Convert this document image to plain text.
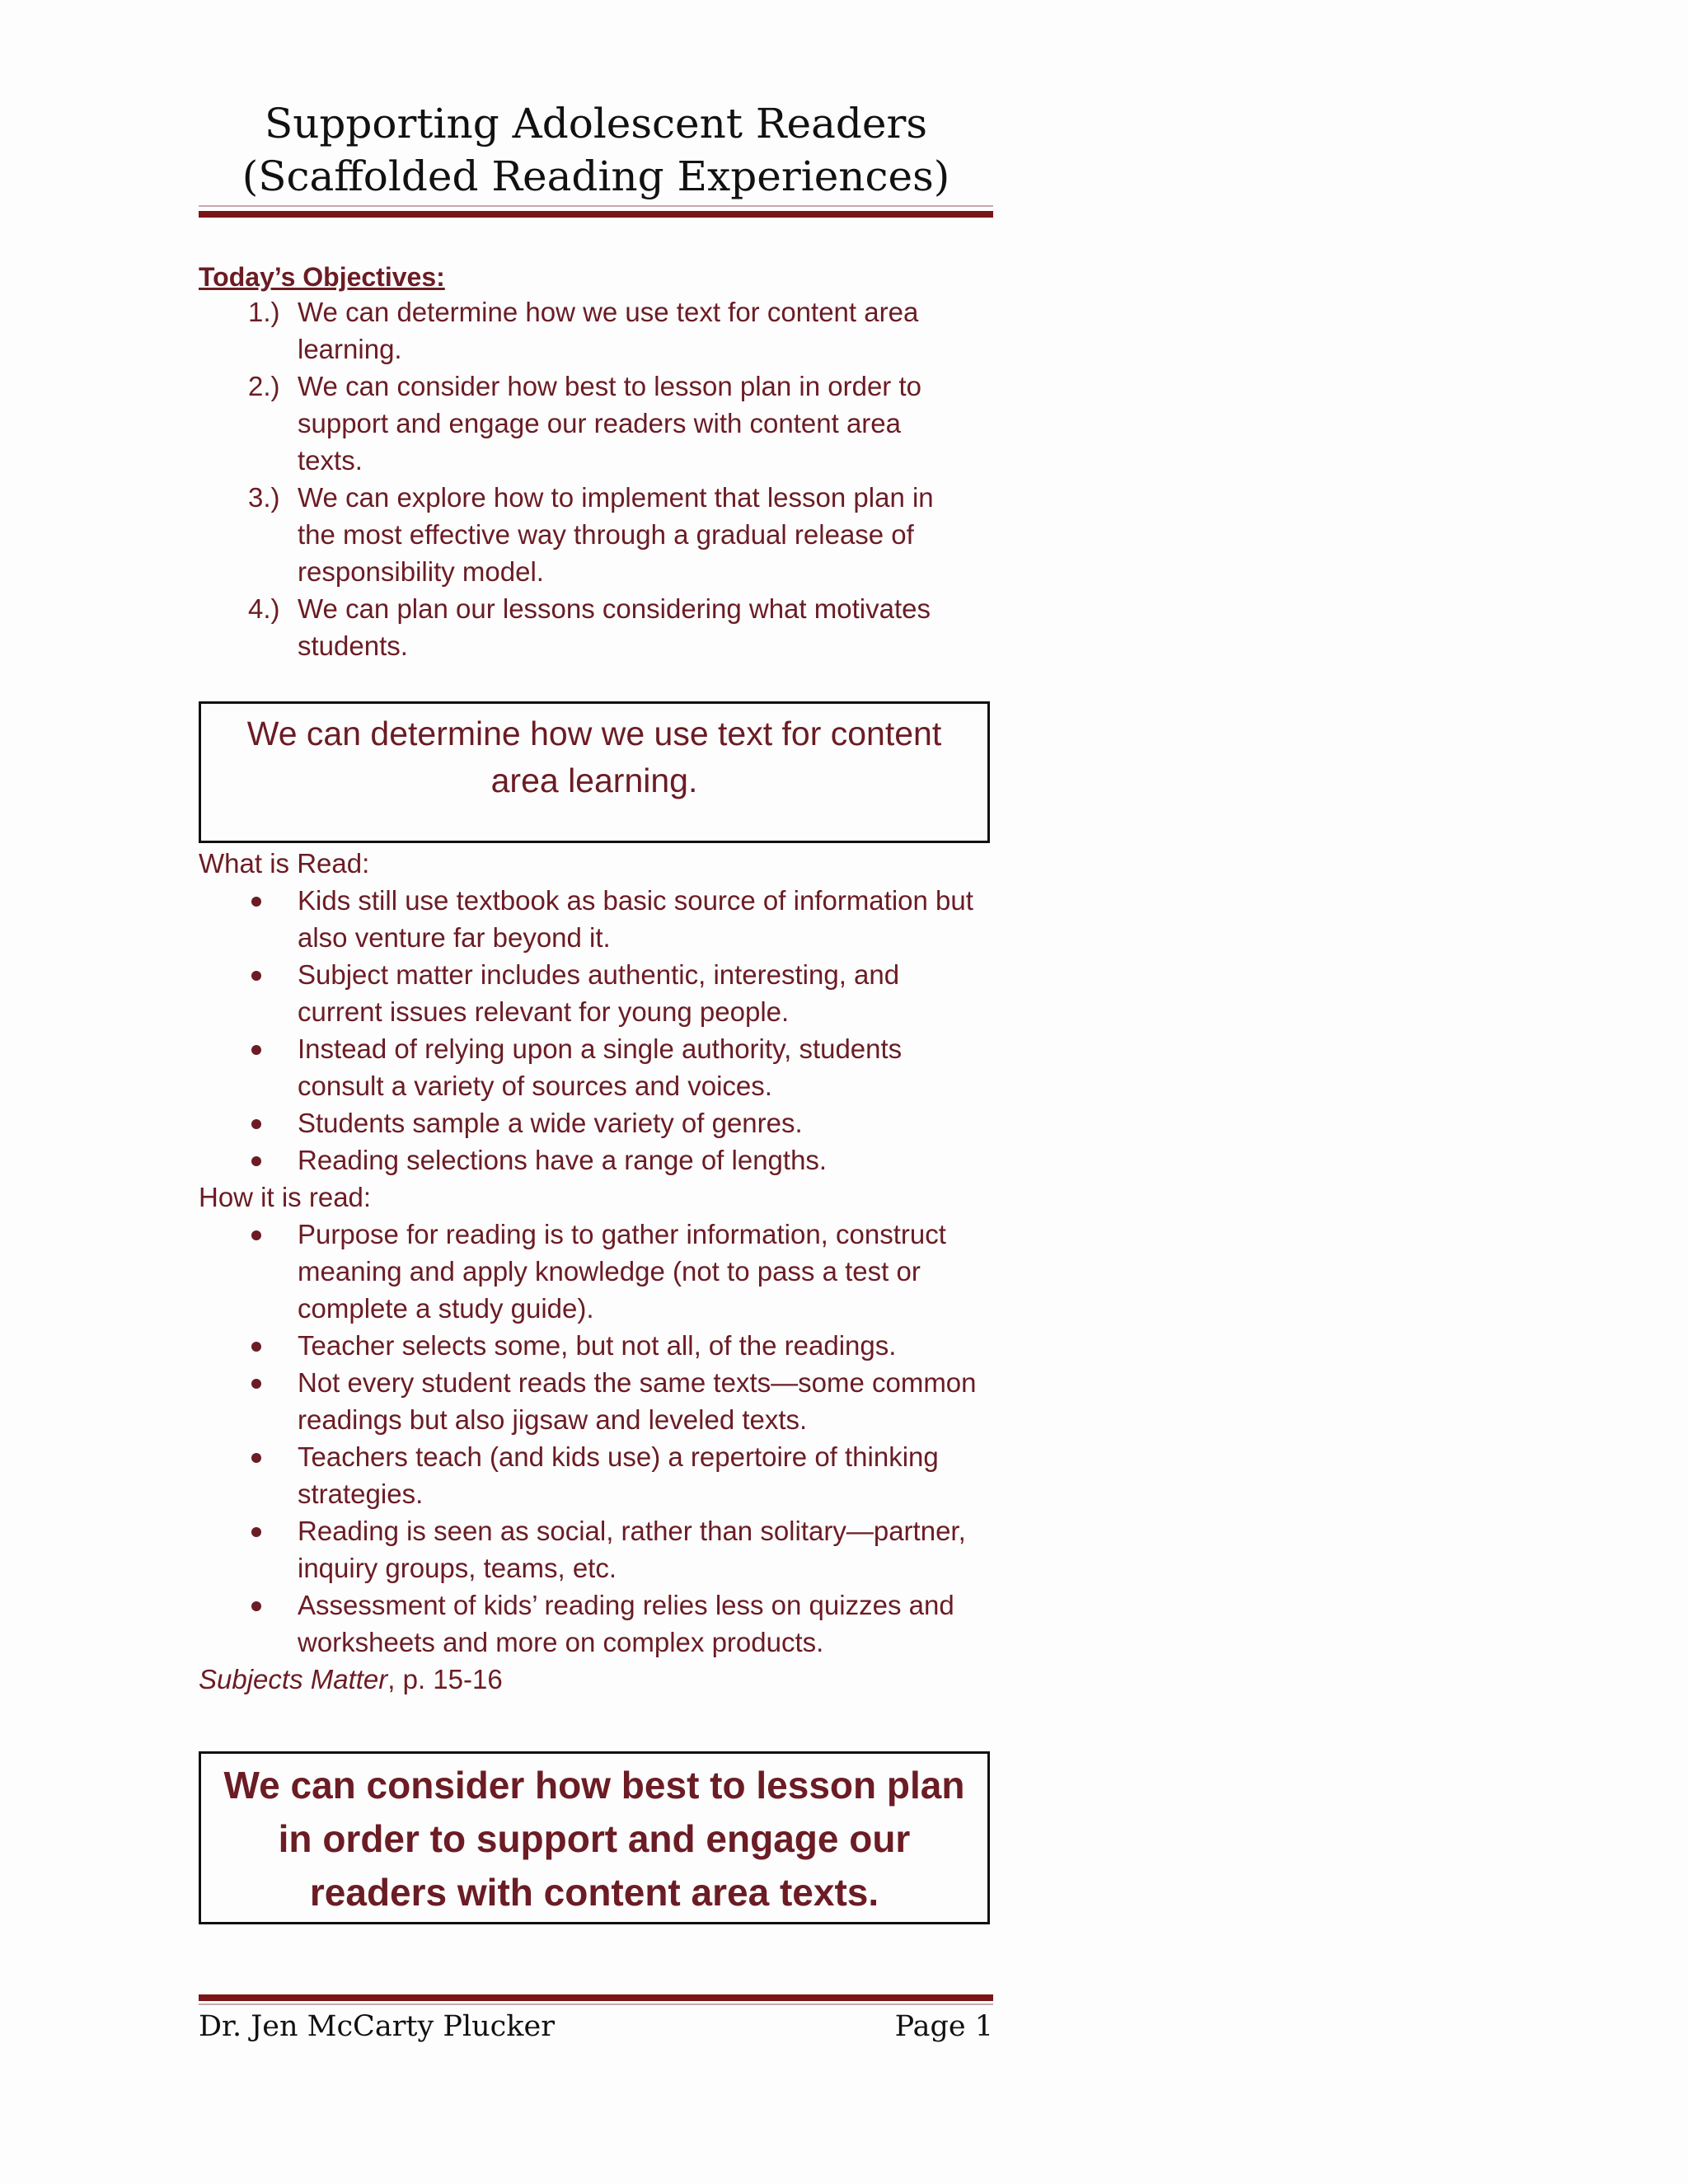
Supporting Adolescent Readers
(Scaffolded Reading Experiences)
Today’s Objectives:
1.) We can determine how we use text for content area learning.
2.) We can consider how best to lesson plan in order to support and engage our readers with content area texts.
3.) We can explore how to implement that lesson plan in the most effective way through a gradual release of responsibility model.
4.) We can plan our lessons considering what motivates students.
We can determine how we use text for content
area learning.
What is Read:
Kids still use textbook as basic source of information but also venture far beyond it.
Subject matter includes authentic, interesting, and current issues relevant for young people.
Instead of relying upon a single authority, students consult a variety of sources and voices.
Students sample a wide variety of genres.
Reading selections have a range of lengths.
How it is read:
Purpose for reading is to gather information, construct meaning and apply knowledge (not to pass a test or complete a study guide).
Teacher selects some, but not all, of the readings.
Not every student reads the same texts—some common readings but also jigsaw and leveled texts.
Teachers teach (and kids use) a repertoire of thinking strategies.
Reading is seen as social, rather than solitary—partner, inquiry groups, teams, etc.
Assessment of kids’ reading relies less on quizzes and worksheets and more on complex products.
Subjects Matter, p. 15-16
We can consider how best to lesson plan
in order to support and engage our
readers with content area texts.
Dr. Jen McCarty Plucker	Page 1
